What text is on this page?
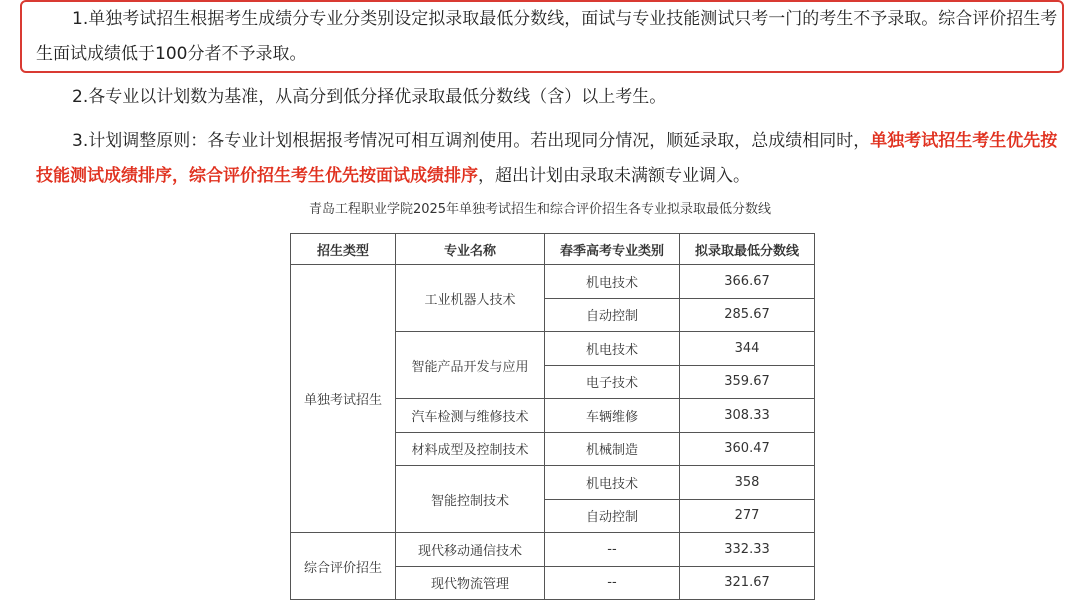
1.单独考试招生根据考生成绩分专业分类别设定拟录取最低分数线，面试与专业技能测试只考一门的考生不予录取。综合评价招生考生面试成绩低于100分者不予录取。

2.各专业以计划数为基准，从高分到低分择优录取最低分数线（含）以上考生。

3.计划调整原则：各专业计划根据报考情况可相互调剂使用。若出现同分情况，顺延录取，总成绩相同时，单独考试招生考生优先按技能测试成绩排序，综合评价招生考生优先按面试成绩排序，超出计划由录取未满额专业调入。

青岛工程职业学院2025年单独考试招生和综合评价招生各专业拟录取最低分数线
招生类型	专业名称	春季高考专业类别	拟录取最低分数线
单独考试招生	工业机器人技术	机电技术	366.67
		自动控制	285.67
	智能产品开发与应用	机电技术	344
		电子技术	359.67
	汽车检测与维修技术	车辆维修	308.33
	材料成型及控制技术	机械制造	360.47
	智能控制技术	机电技术	358
		自动控制	277
综合评价招生	现代移动通信技术	--	332.33
	现代物流管理	--	321.67
